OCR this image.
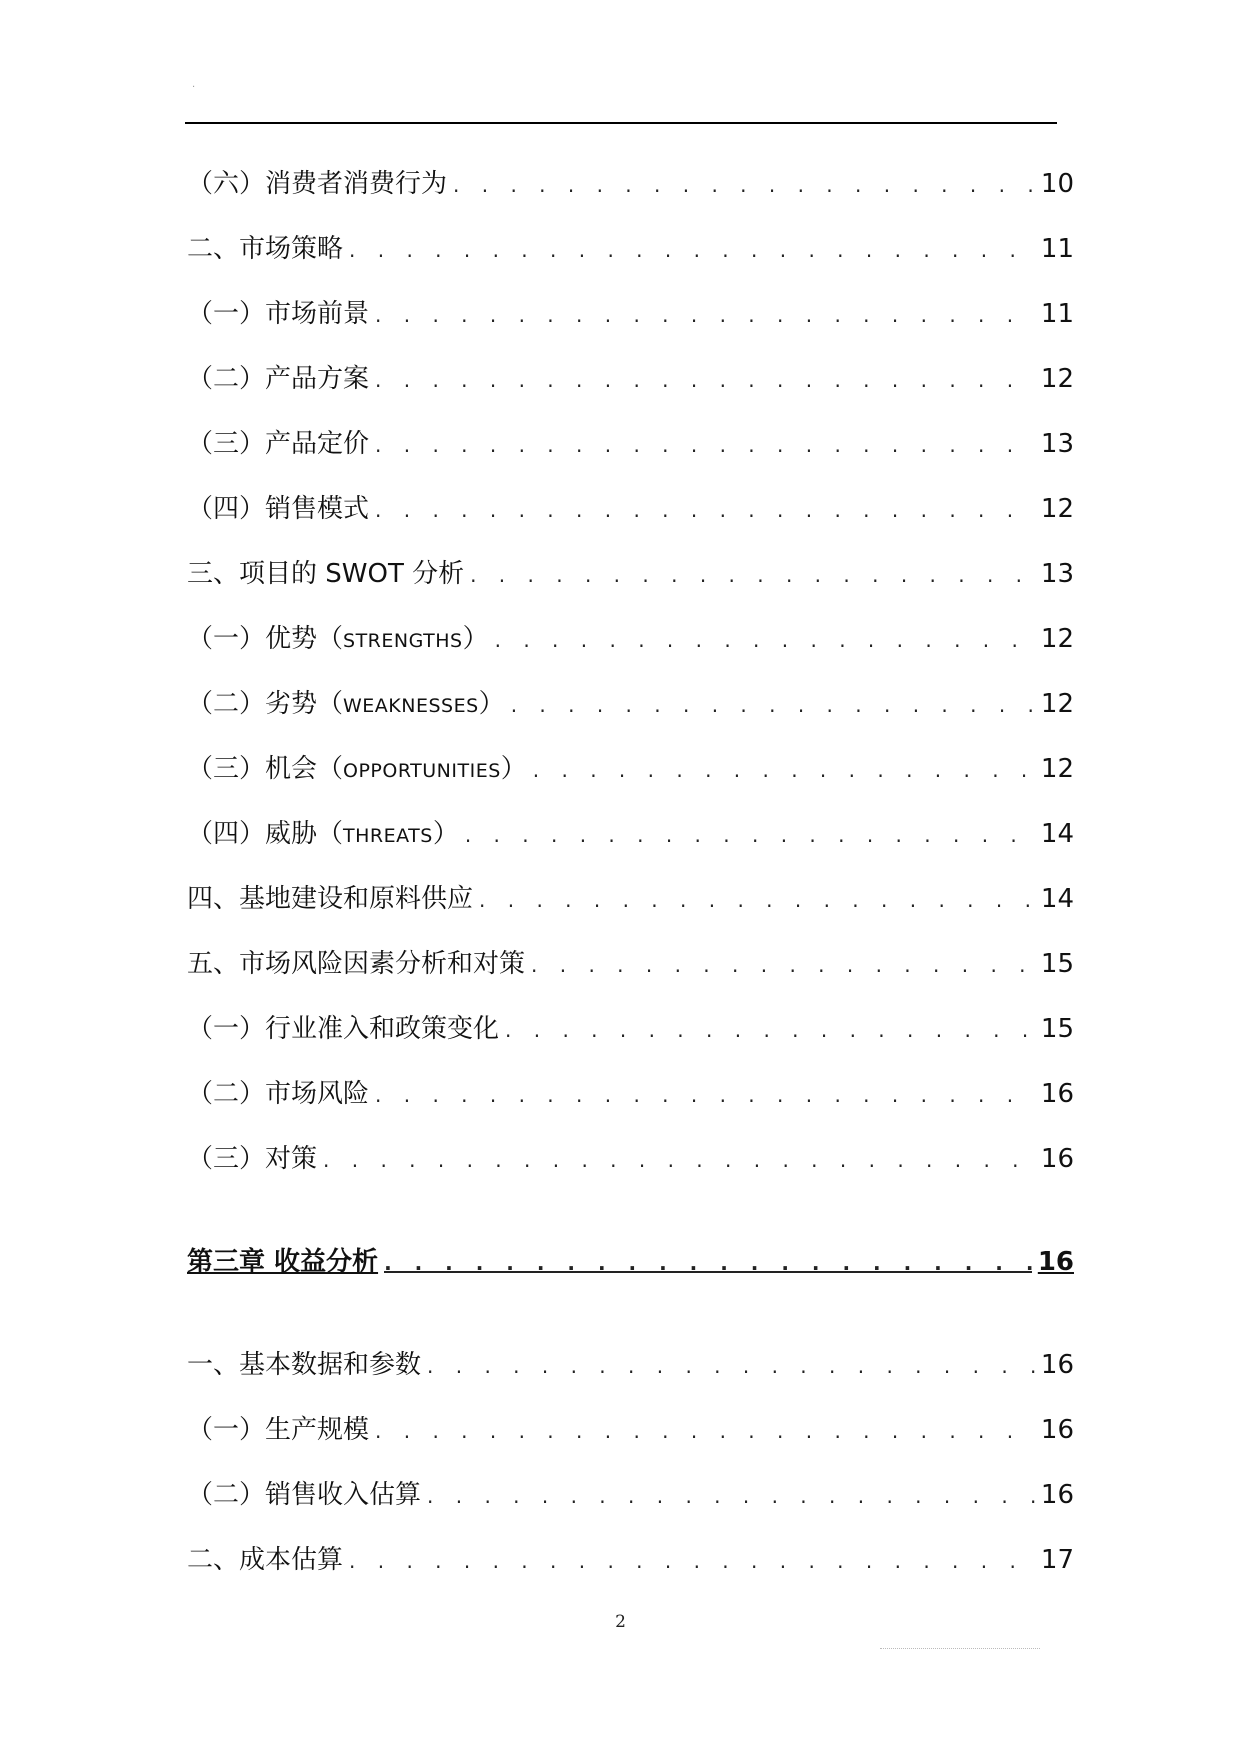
·
（六）消费者消费行为 . . .	10
二、市场策略 . . .	11
（一）市场前景 . . .	11
（二）产品方案 . . .	12
（三）产品定价 . . .	13
（四）销售模式 . . .	12
三、项目的 SWOT 分析 . . .	13
（一）优势（STRENGTHS） . . .	12
（二）劣势（WEAKNESSES） . . .	12
（三）机会（OPPORTUNITIES） . . .	12
（四）威胁（THREATS） . . .	14
四、基地建设和原料供应 . . .	14
五、市场风险因素分析和对策 . . .	15
（一）行业准入和政策变化 . . .	15
（二）市场风险 . . .	16
（三）对策 . . .	16
第三章 收益分析 . . .	16
一、基本数据和参数 . . .	16
（一）生产规模 . . .	16
（二）销售收入估算 . . .	16
二、成本估算 . . .	17
2
